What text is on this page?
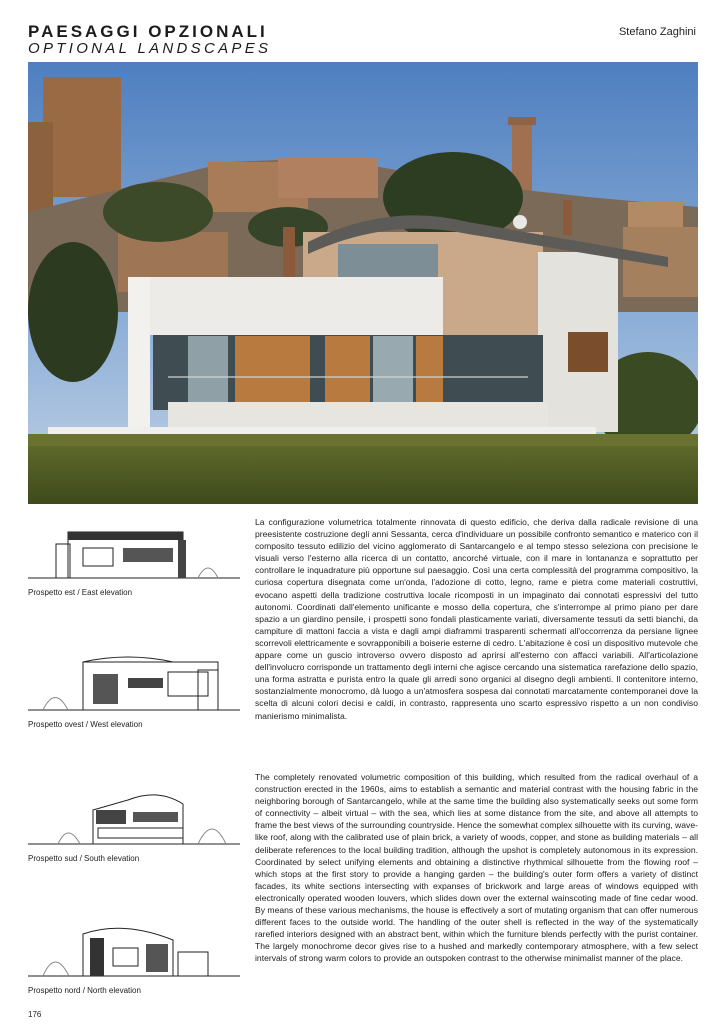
PAESAGGI OPZIONALI
OPTIONAL LANDSCAPES
Stefano Zaghini
Prospetto est / East elevation
Prospetto ovest / West elevation
Prospetto sud / South elevation
Prospetto nord / North elevation

La configurazione volumetrica totalmente rinnovata di questo edificio, che deriva dalla radicale revisione di una preesistente costruzione degli anni Sessanta, cerca d'individuare un possibile confronto semantico e materico con il composito tessuto edilizio del vicino agglomerato di Santarcangelo e al tempo stesso seleziona con precisione le visuali verso l'esterno alla ricerca di un contatto, ancorché virtuale, con il mare in lontananza e soprattutto per controllare le inquadrature più opportune sul paesaggio. Così una certa complessità del programma compositivo, la curiosa copertura disegnata come un'onda, l'adozione di cotto, legno, rame e pietra come materiali costruttivi, evocano aspetti della tradizione costruttiva locale ricomposti in un impaginato dai connotati espressivi del tutto autonomi. Coordinati dall'elemento unificante e mosso della copertura, che s'interrompe al primo piano per dare spazio a un giardino pensile, i prospetti sono fondali plasticamente variati, diversamente tessuti da setti bianchi, da campiture di mattoni faccia a vista e dagli ampi diaframmi trasparenti schermati all'occorrenza da persiane lignee scorrevoli elettricamente e sovrapponibili a boiserie esterne di cedro. L'abitazione è così un dispositivo mutevole che appare come un guscio introverso ovvero disposto ad aprirsi all'esterno con affacci variabili. All'articolazione dell'involucro corrisponde un trattamento degli interni che agisce cercando una sistematica rarefazione dello spazio, una forma astratta e purista entro la quale gli arredi sono organici al disegno degli ambienti. Il contenitore interno, sostanzialmente monocromo, dà luogo a un'atmosfera sospesa dai connotati marcatamente contemporanei dove la scelta di alcuni colori decisi e caldi, in contrasto, rappresenta uno scarto espressivo rispetto a un non condiviso manierismo minimalista.

The completely renovated volumetric composition of this building, which resulted from the radical overhaul of a construction erected in the 1960s, aims to establish a semantic and material contrast with the housing fabric in the neighboring borough of Santarcangelo, while at the same time the building also systematically seeks out some form of connectivity – albeit virtual – with the sea, which lies at some distance from the site, and above all attempts to frame the best views of the surrounding countryside. Hence the somewhat complex silhouette with its curving, wave-like roof, along with the calibrated use of plain brick, a variety of woods, copper, and stone as building materials – all deliberate references to the local building tradition, although the upshot is completely autonomous in its expression. Coordinated by select unifying elements and obtaining a distinctive rhythmical silhouette from the flowing roof – which stops at the first story to provide a hanging garden – the building's outer form offers a variety of distinct facades, its white sections intersecting with expanses of brickwork and large areas of windows equipped with electronically operated wooden louvers, which slides down over the external wainscoting made of fine cedar wood. By means of these various mechanisms, the house is effectively a sort of mutating organism that can offer numerous different faces to the outside world. The handling of the outer shell is reflected in the way of the systematically rarefied interiors designed with an abstract bent, within which the furniture blends perfectly with the purist container. The largely monochrome decor gives rise to a hushed and markedly contemporary atmosphere, with a few select intervals of strong warm colors to provide an outspoken contrast to the otherwise minimalist manner of the place.

176
